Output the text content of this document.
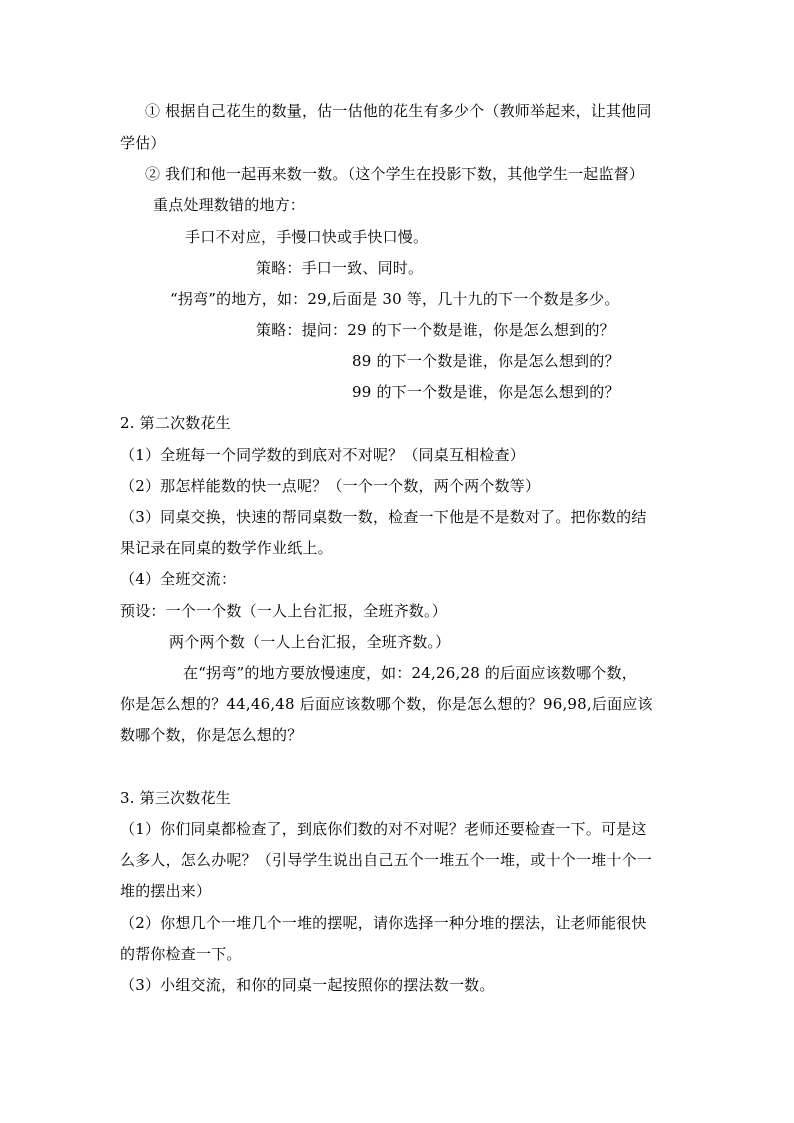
① 根据自己花生的数量，估一估他的花生有多少个（教师举起来，让其他同
学估）
② 我们和他一起再来数一数。（这个学生在投影下数，其他学生一起监督）
重点处理数错的地方：
手口不对应，手慢口快或手快口慢。
策略：手口一致、同时。
“拐弯”的地方，如：29,后面是 30 等，几十九的下一个数是多少。
策略：提问：29 的下一个数是谁，你是怎么想到的？
89 的下一个数是谁，你是怎么想到的？
99 的下一个数是谁，你是怎么想到的？
2. 第二次数花生
（1）全班每一个同学数的到底对不对呢？（同桌互相检查）
（2）那怎样能数的快一点呢？（一个一个数，两个两个数等）
（3）同桌交换，快速的帮同桌数一数，检查一下他是不是数对了。把你数的结
果记录在同桌的数学作业纸上。
（4）全班交流：
预设：一个一个数（一人上台汇报，全班齐数。）
两个两个数（一人上台汇报，全班齐数。）
在“拐弯”的地方要放慢速度，如：24,26,28 的后面应该数哪个数，
你是怎么想的？44,46,48 后面应该数哪个数，你是怎么想的？96,98,后面应该
数哪个数，你是怎么想的？
3. 第三次数花生
（1）你们同桌都检查了，到底你们数的对不对呢？老师还要检查一下。可是这
么多人，怎么办呢？（引导学生说出自己五个一堆五个一堆，或十个一堆十个一
堆的摆出来）
（2）你想几个一堆几个一堆的摆呢，请你选择一种分堆的摆法，让老师能很快
的帮你检查一下。
（3）小组交流，和你的同桌一起按照你的摆法数一数。
